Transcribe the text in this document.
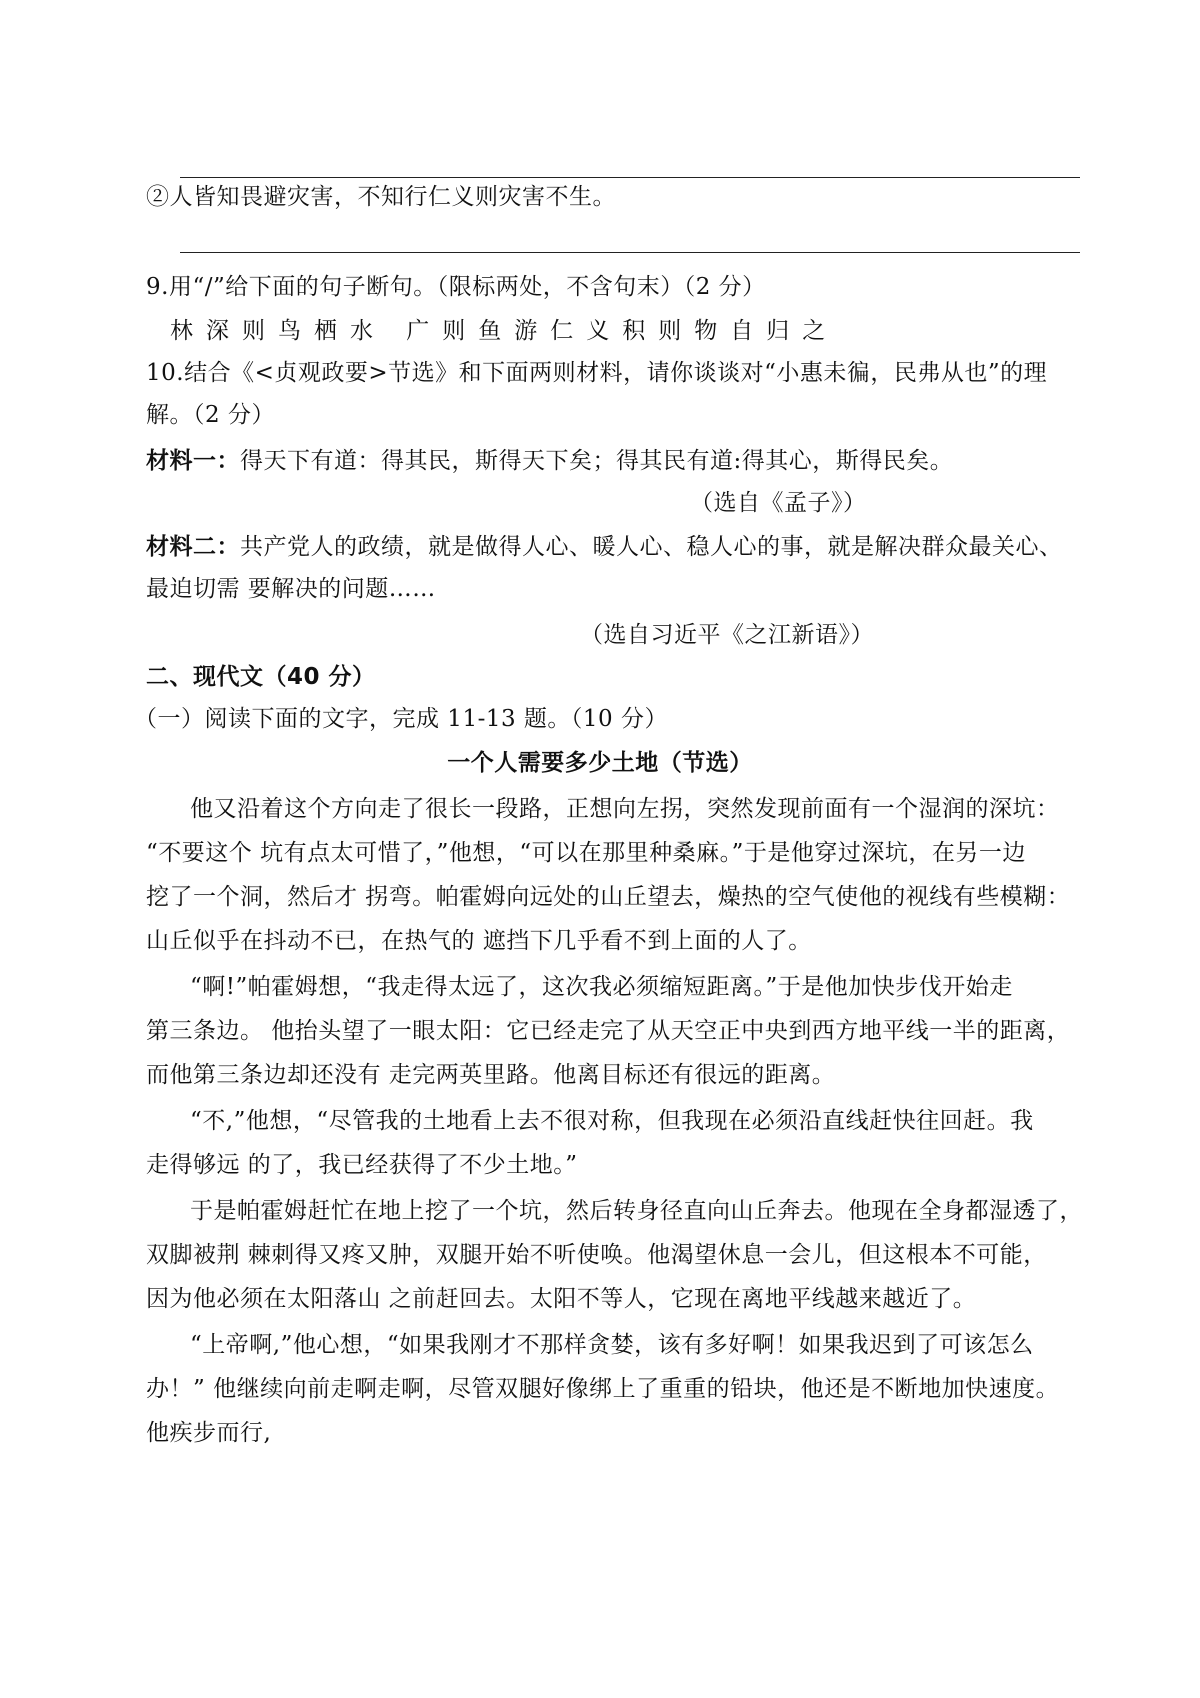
②人皆知畏避灾害，不知行仁义则灾害不生。
9.用“/”给下面的句子断句。（限标两处，不含句末）（2 分）
林深则鸟栖水 广则鱼游仁义积则物自归之
10.结合《<贞观政要>节选》和下面两则材料，请你谈谈对“小惠未徧，民弗从也”的理
解。（2 分）
材料一：得天下有道：得其民，斯得天下矣；得其民有道:得其心，斯得民矣。
（选自《孟子》）
材料二：共产党人的政绩，就是做得人心、暖人心、稳人心的事，就是解决群众最关心、
最迫切需 要解决的问题……
（选自习近平《之江新语》）
二、现代文（40 分）
（一）阅读下面的文字，完成 11-13 题。（10 分）
一个人需要多少土地（节选）
他又沿着这个方向走了很长一段路，正想向左拐，突然发现前面有一个湿润的深坑：
“不要这个 坑有点太可惜了，”他想，“可以在那里种桑麻。”于是他穿过深坑，在另一边
挖了一个洞，然后才 拐弯。帕霍姆向远处的山丘望去，燥热的空气使他的视线有些模糊：
山丘似乎在抖动不已，在热气的 遮挡下几乎看不到上面的人了。
“啊!”帕霍姆想，“我走得太远了，这次我必须缩短距离。”于是他加快步伐开始走
第三条边。 他抬头望了一眼太阳：它已经走完了从天空正中央到西方地平线一半的距离，
而他第三条边却还没有 走完两英里路。他离目标还有很远的距离。
“不,”他想，“尽管我的土地看上去不很对称，但我现在必须沿直线赶快往回赶。我
走得够远 的了，我已经获得了不少土地。”
于是帕霍姆赶忙在地上挖了一个坑，然后转身径直向山丘奔去。他现在全身都湿透了，
双脚被荆 棘刺得又疼又肿，双腿开始不听使唤。他渴望休息一会儿，但这根本不可能，
因为他必须在太阳落山 之前赶回去。太阳不等人，它现在离地平线越来越近了。
“上帝啊,”他心想，“如果我刚才不那样贪婪，该有多好啊！如果我迟到了可该怎么
办！” 他继续向前走啊走啊，尽管双腿好像绑上了重重的铅块，他还是不断地加快速度。
他疾步而行,
